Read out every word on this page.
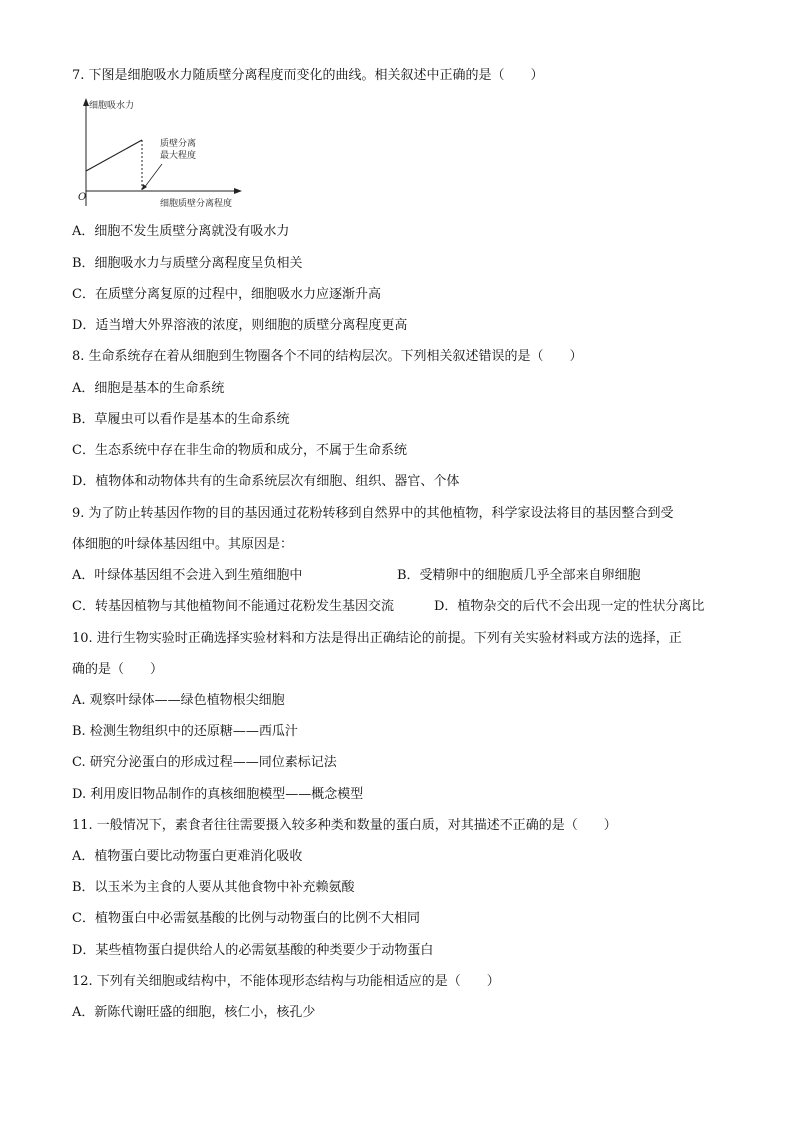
7. 下图是细胞吸水力随质壁分离程度而变化的曲线。相关叙述中正确的是（　　）
细胞吸水力
质壁分离
最大程度
O
细胞质壁分离程度
A．细胞不发生质壁分离就没有吸水力
B．细胞吸水力与质壁分离程度呈负相关
C．在质壁分离复原的过程中，细胞吸水力应逐渐升高
D．适当增大外界溶液的浓度，则细胞的质壁分离程度更高
8. 生命系统存在着从细胞到生物圈各个不同的结构层次。下列相关叙述错误的是（　　）
A．细胞是基本的生命系统
B．草履虫可以看作是基本的生命系统
C．生态系统中存在非生命的物质和成分，不属于生命系统
D．植物体和动物体共有的生命系统层次有细胞、组织、器官、个体
9. 为了防止转基因作物的目的基因通过花粉转移到自然界中的其他植物，科学家设法将目的基因整合到受
体细胞的叶绿体基因组中。其原因是：
A．叶绿体基因组不会进入到生殖细胞中	B．受精卵中的细胞质几乎全部来自卵细胞
C．转基因植物与其他植物间不能通过花粉发生基因交流	D．植物杂交的后代不会出现一定的性状分离比
10. 进行生物实验时正确选择实验材料和方法是得出正确结论的前提。下列有关实验材料或方法的选择，正
确的是（　　）
A. 观察叶绿体——绿色植物根尖细胞
B. 检测生物组织中的还原糖——西瓜汁
C. 研究分泌蛋白的形成过程——同位素标记法
D. 利用废旧物品制作的真核细胞模型——概念模型
11. 一般情况下，素食者往往需要摄入较多种类和数量的蛋白质，对其描述不正确的是（　　）
A．植物蛋白要比动物蛋白更难消化吸收
B．以玉米为主食的人要从其他食物中补充赖氨酸
C．植物蛋白中必需氨基酸的比例与动物蛋白的比例不大相同
D．某些植物蛋白提供给人的必需氨基酸的种类要少于动物蛋白
12. 下列有关细胞或结构中，不能体现形态结构与功能相适应的是（　　）
A．新陈代谢旺盛的细胞，核仁小，核孔少
